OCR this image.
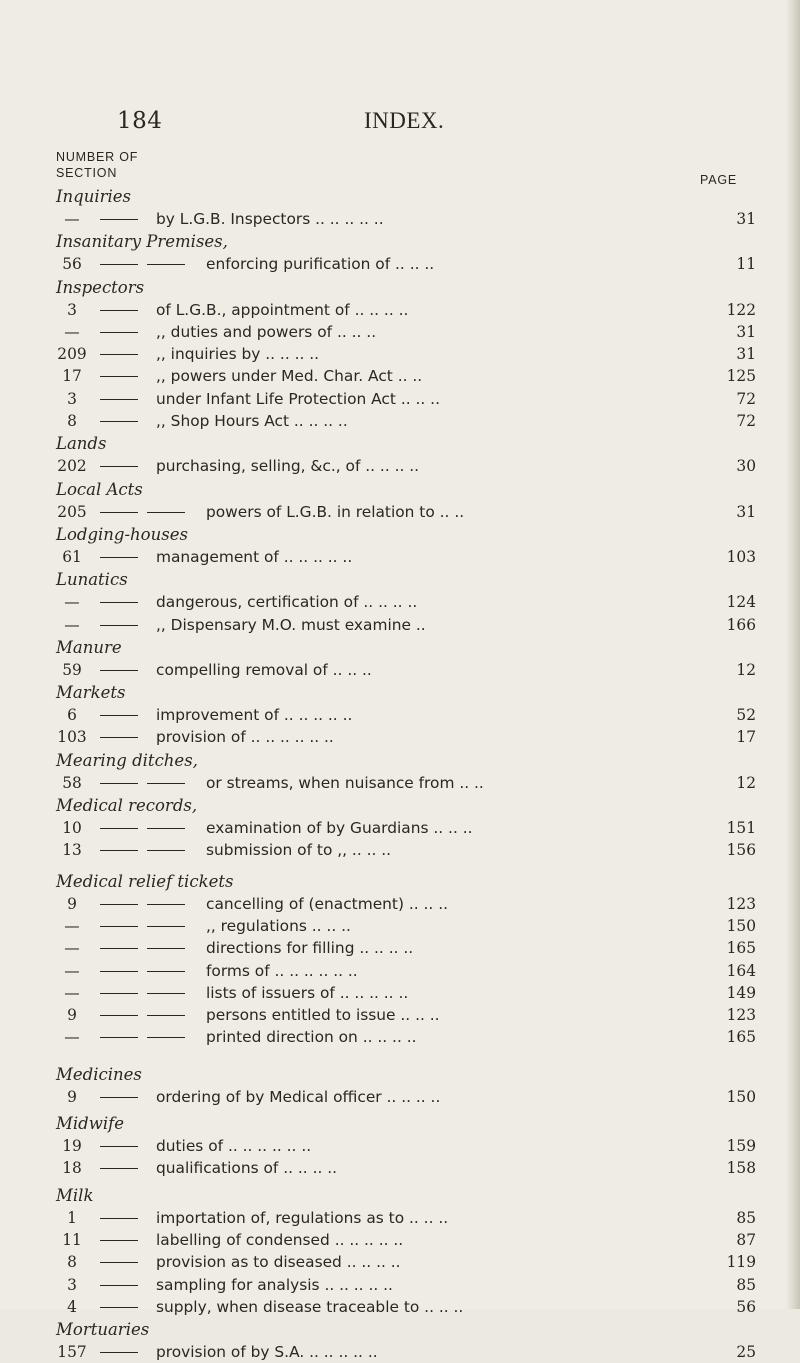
184	INDEX.
NUMBER OF
SECTION	PAGE
Inquiries
—	by L.G.B. Inspectors .. .. .. .. ..	31
Insanitary Premises,
56	enforcing purification of .. .. ..	11
Inspectors
3	of L.G.B., appointment of .. .. .. ..	122
—	,, duties and powers of .. .. ..	31
209	,, inquiries by .. .. .. ..	31
17	,, powers under Med. Char. Act .. ..	125
3	under Infant Life Protection Act .. .. ..	72
8	,, Shop Hours Act .. .. .. ..	72
Lands
202	purchasing, selling, &c., of .. .. .. ..	30
Local Acts
205	powers of L.G.B. in relation to .. ..	31
Lodging-houses
61	management of .. .. .. .. ..	103
Lunatics
—	dangerous, certification of .. .. .. ..	124
—	,, Dispensary M.O. must examine ..	166
Manure
59	compelling removal of .. .. ..	12
Markets
6	improvement of .. .. .. .. ..	52
103	provision of .. .. .. .. .. ..	17
Mearing ditches,
58	or streams, when nuisance from .. ..	12
Medical records,
10	examination of by Guardians .. .. ..	151
13	submission of to ,, .. .. ..	156
Medical relief tickets
9	cancelling of (enactment) .. .. ..	123
—	,, regulations .. .. ..	150
—	directions for filling .. .. .. ..	165
—	forms of .. .. .. .. .. ..	164
—	lists of issuers of .. .. .. .. ..	149
9	persons entitled to issue .. .. ..	123
—	printed direction on .. .. .. ..	165
Medicines
9	ordering of by Medical officer .. .. .. ..	150
Midwife
19	duties of .. .. .. .. .. ..	159
18	qualifications of .. .. .. ..	158
Milk
1	importation of, regulations as to .. .. ..	85
11	labelling of condensed .. .. .. .. ..	87
8	provision as to diseased .. .. .. ..	119
3	sampling for analysis .. .. .. .. ..	85
4	supply, when disease traceable to .. .. ..	56
Mortuaries
157	provision of by S.A. .. .. .. .. ..	25
